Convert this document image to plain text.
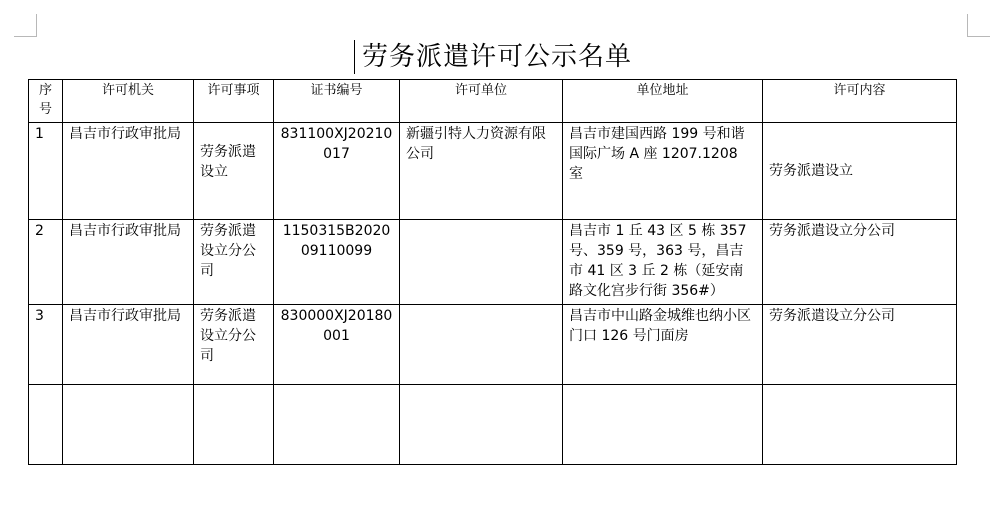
劳务派遣许可公示名单
序号	许可机关	许可事项	证书编号	许可单位	单位地址	许可内容
1	昌吉市行政审批局	劳务派遣设立	831100XJ20210017	新疆引特人力资源有限公司	昌吉市建国西路 199 号和谐国际广场 A 座 1207.1208 室	劳务派遣设立
2	昌吉市行政审批局	劳务派遣设立分公司	1150315B202009110099		昌吉市 1 丘 43 区 5 栋 357 号、359 号，363 号，昌吉市 41 区 3 丘 2 栋（延安南路文化宫步行街 356#）	劳务派遣设立分公司
3	昌吉市行政审批局	劳务派遣设立分公司	830000XJ20180001		昌吉市中山路金城维也纳小区门口 126 号门面房	劳务派遣设立分公司
